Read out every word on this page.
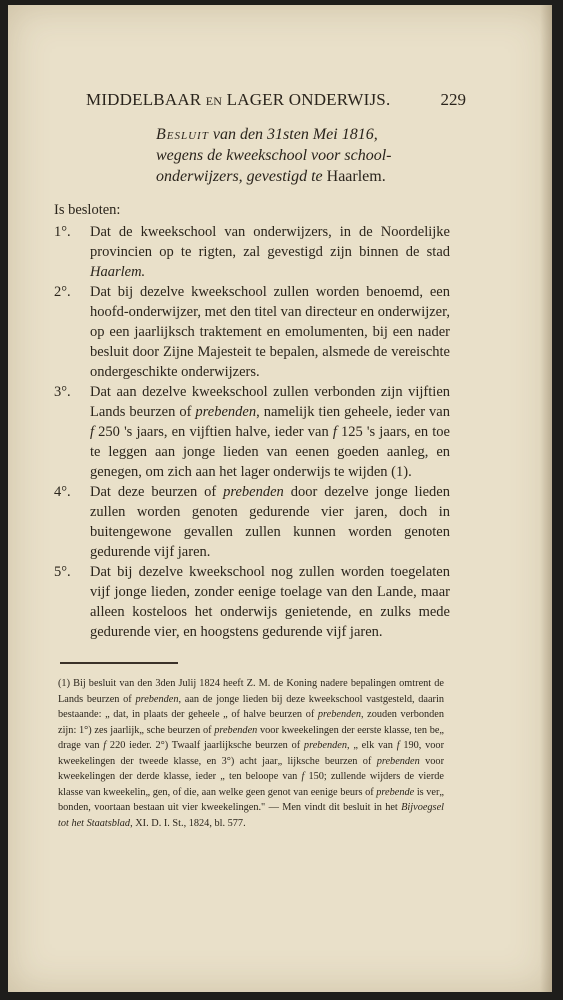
MIDDELBAAR EN LAGER ONDERWIJS.	229
Besluit van den 31sten Mei 1816,
wegens de kweekschool voor school-
onderwijzers, gevestigd te Haarlem.
Is besloten:
1°.	Dat de kweekschool van onderwijzers, in de Noordelijke provincien op te rigten, zal gevestigd zijn binnen de stad Haarlem.
2°.	Dat bij dezelve kweekschool zullen worden benoemd, een hoofd-onderwijzer, met den titel van directeur en onderwijzer, op een jaarlijksch traktement en emolumenten, bij een nader besluit door Zijne Majesteit te bepalen, alsmede de vereischte ondergeschikte onderwijzers.
3°.	Dat aan dezelve kweekschool zullen verbonden zijn vijftien Lands beurzen of prebenden, namelijk tien geheele, ieder van f 250 's jaars, en vijftien halve, ieder van f 125 's jaars, en toe te leggen aan jonge lieden van eenen goeden aanleg, en genegen, om zich aan het lager onderwijs te wijden (1).
4°.	Dat deze beurzen of prebenden door dezelve jonge lieden zullen worden genoten gedurende vier jaren, doch in buitengewone gevallen zullen kunnen worden genoten gedurende vijf jaren.
5°.	Dat bij dezelve kweekschool nog zullen worden toegelaten vijf jonge lieden, zonder eenige toelage van den Lande, maar alleen kosteloos het onderwijs genietende, en zulks mede gedurende vier, en hoogstens gedurende vijf jaren.

(1) Bij besluit van den 3den Julij 1824 heeft Z. M. de Koning nadere bepalingen omtrent de Lands beurzen of prebenden, aan de jonge lieden bij deze kweekschool vastgesteld, daarin bestaande: „ dat, in plaats der geheele „ of halve beurzen of prebenden, zouden verbonden zijn: 1°) zes jaarlijk„ sche beurzen of prebenden voor kweekelingen der eerste klasse, ten be„ drage van f 220 ieder. 2°) Twaalf jaarlijksche beurzen of prebenden, „ elk van f 190, voor kweekelingen der tweede klasse, en 3°) acht jaar„ lijksche beurzen of prebenden voor kweekelingen der derde klasse, ieder „ ten beloope van f 150; zullende wijders de vierde klasse van kweekelin„ gen, of die, aan welke geen genot van eenige beurs of prebende is ver„ bonden, voortaan bestaan uit vier kweekelingen." — Men vindt dit besluit in het Bijvoegsel tot het Staatsblad, XI. D. I. St., 1824, bl. 577.
